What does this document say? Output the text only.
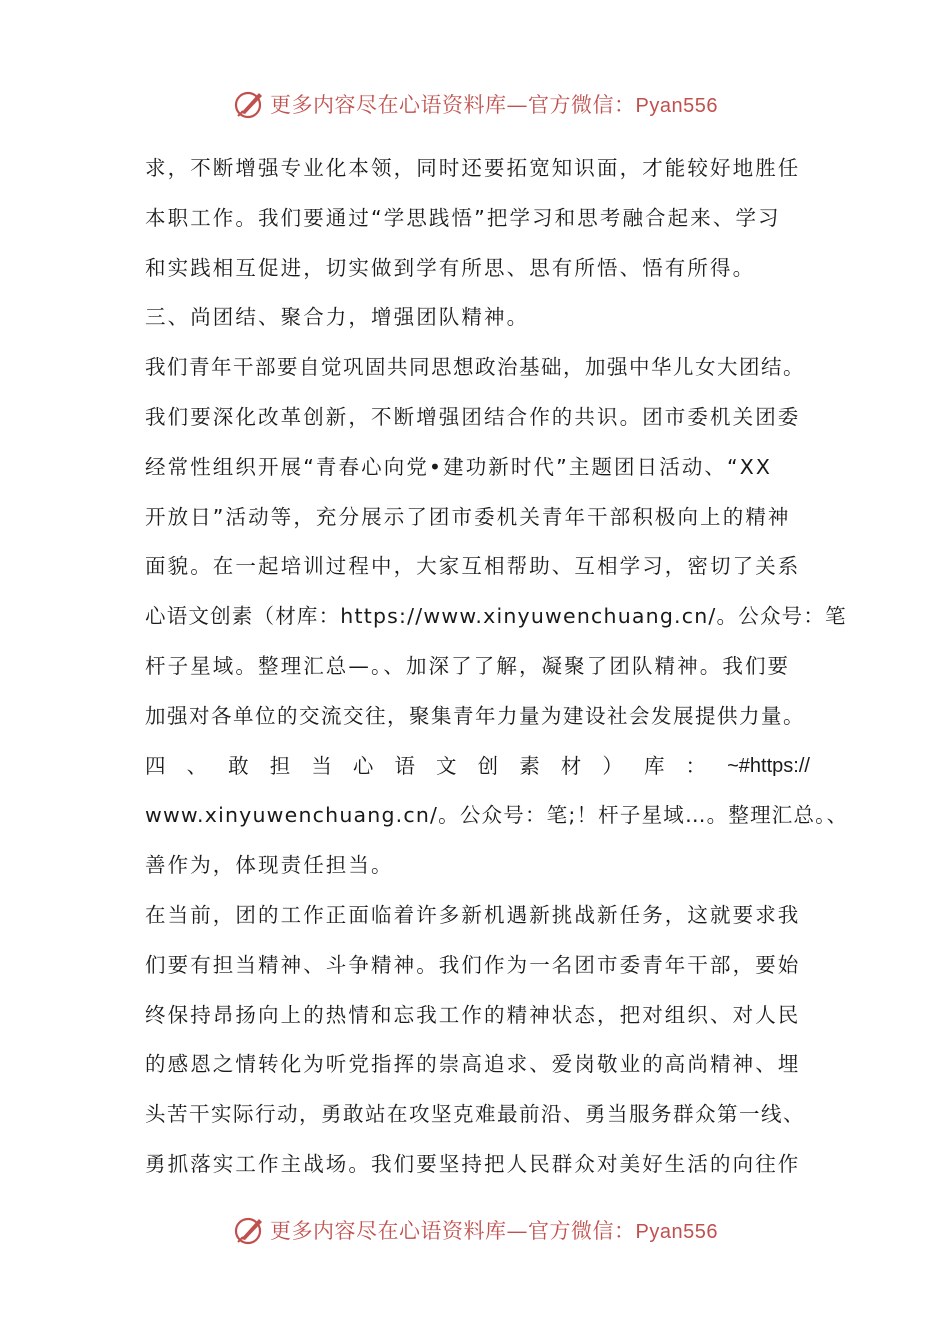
更多内容尽在心语资料库—官方微信：Pyan556
求，不断增强专业化本领，同时还要拓宽知识面，才能较好地胜任
本职工作。我们要通过“学思践悟”把学习和思考融合起来、学习
和实践相互促进，切实做到学有所思、思有所悟、悟有所得。
三、尚团结、聚合力，增强团队精神。
我们青年干部要自觉巩固共同思想政治基础，加强中华儿女大团结。
我们要深化改革创新，不断增强团结合作的共识。团市委机关团委
经常性组织开展“青春心向党•建功新时代”主题团日活动、“XX
开放日”活动等，充分展示了团市委机关青年干部积极向上的精神
面貌。在一起培训过程中，大家互相帮助、互相学习，密切了关系
心语文创素（材库：https://www.xinyuwenchuang.cn/。公众号：笔
杆子星域。整理汇总—。、加深了了解，凝聚了团队精神。我们要
加强对各单位的交流交往，聚集青年力量为建设社会发展提供力量。
四 、 敢 担 当 心 语 文 创 素 材 ） 库 ： ~#https://
www.xinyuwenchuang.cn/。公众号：笔;！杆子星域…。整理汇总。、
善作为，体现责任担当。
在当前，团的工作正面临着许多新机遇新挑战新任务，这就要求我
们要有担当精神、斗争精神。我们作为一名团市委青年干部，要始
终保持昂扬向上的热情和忘我工作的精神状态，把对组织、对人民
的感恩之情转化为听党指挥的崇高追求、爱岗敬业的高尚精神、埋
头苦干实际行动，勇敢站在攻坚克难最前沿、勇当服务群众第一线、
勇抓落实工作主战场。我们要坚持把人民群众对美好生活的向往作
更多内容尽在心语资料库—官方微信：Pyan556
